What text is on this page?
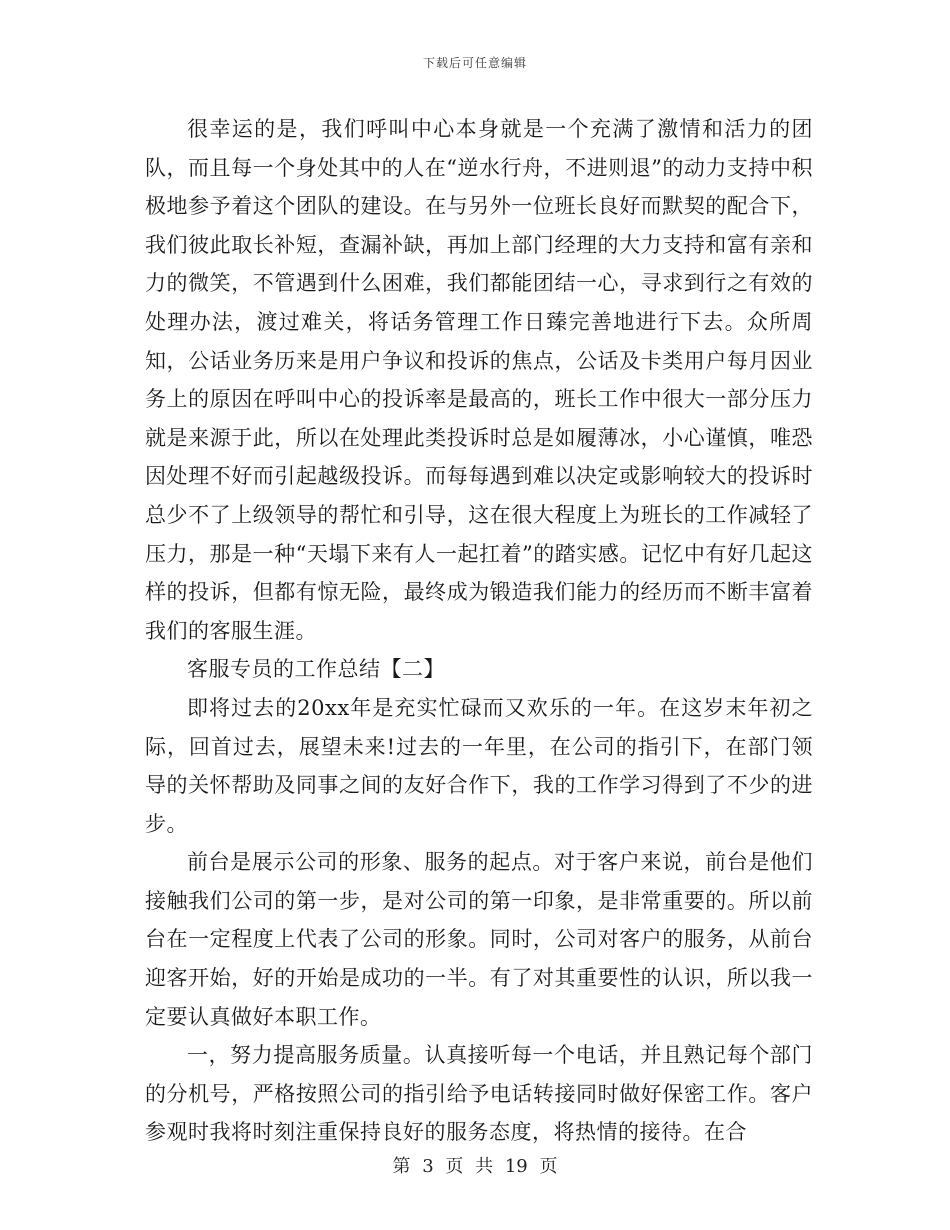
下载后可任意编辑

很幸运的是，我们呼叫中心本身就是一个充满了激情和活力的团队，而且每一个身处其中的人在“逆水行舟，不进则退”的动力支持中积极地参予着这个团队的建设。在与另外一位班长良好而默契的配合下，我们彼此取长补短，查漏补缺，再加上部门经理的大力支持和富有亲和力的微笑，不管遇到什么困难，我们都能团结一心，寻求到行之有效的处理办法，渡过难关，将话务管理工作日臻完善地进行下去。众所周知，公话业务历来是用户争议和投诉的焦点，公话及卡类用户每月因业务上的原因在呼叫中心的投诉率是最高的，班长工作中很大一部分压力就是来源于此，所以在处理此类投诉时总是如履薄冰，小心谨慎，唯恐因处理不好而引起越级投诉。而每每遇到难以决定或影响较大的投诉时总少不了上级领导的帮忙和引导，这在很大程度上为班长的工作减轻了压力，那是一种“天塌下来有人一起扛着”的踏实感。记忆中有好几起这样的投诉，但都有惊无险，最终成为锻造我们能力的经历而不断丰富着我们的客服生涯。

客服专员的工作总结【二】

即将过去的20xx年是充实忙碌而又欢乐的一年。在这岁末年初之际，回首过去，展望未来!过去的一年里，在公司的指引下，在部门领导的关怀帮助及同事之间的友好合作下，我的工作学习得到了不少的进步。

前台是展示公司的形象、服务的起点。对于客户来说，前台是他们接触我们公司的第一步，是对公司的第一印象，是非常重要的。所以前台在一定程度上代表了公司的形象。同时，公司对客户的服务，从前台迎客开始，好的开始是成功的一半。有了对其重要性的认识，所以我一定要认真做好本职工作。

一，努力提高服务质量。认真接听每一个电话，并且熟记每个部门的分机号，严格按照公司的指引给予电话转接同时做好保密工作。客户参观时我将时刻注重保持良好的服务态度，将热情的接待。在合

第 3 页 共 19 页
